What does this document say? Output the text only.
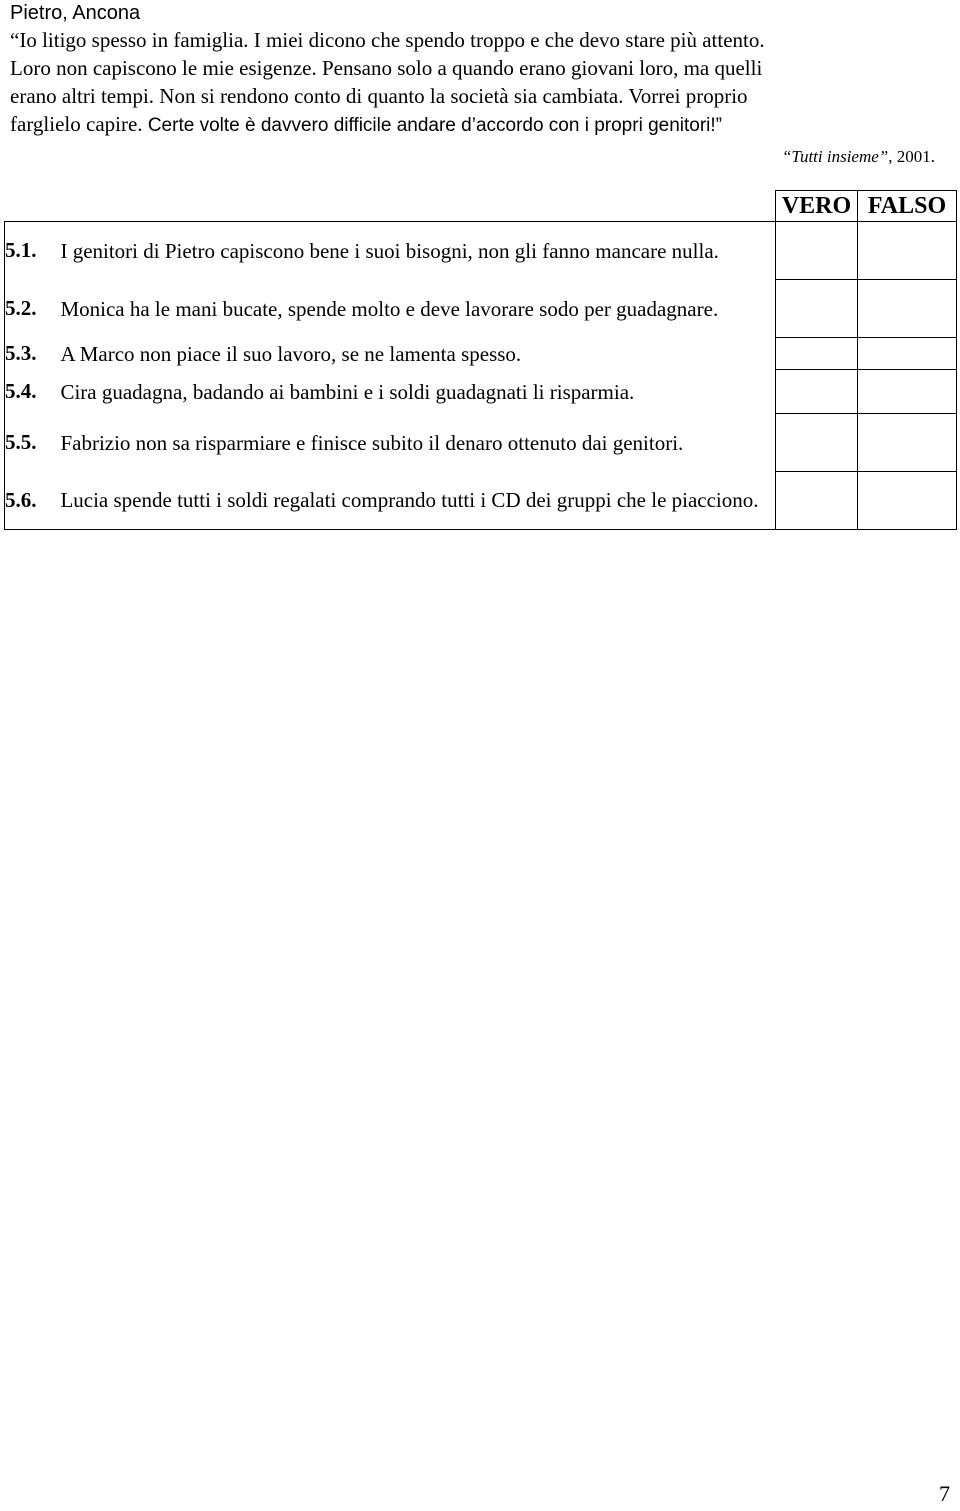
Pietro, Ancona

“Io litigo spesso in famiglia. I miei dicono che spendo troppo e che devo stare più attento.
Loro non capiscono le mie esigenze. Pensano solo a quando erano giovani loro, ma quelli
erano altri tempi. Non si rendono conto di quanto la società sia cambiata. Vorrei proprio
farglielo capire. Certe volte è davvero difficile andare d’accordo con i propri genitori!”

“Tutti insieme”, 2001.
		VERO	FALSO
5.1.	I genitori di Pietro capiscono bene i suoi bisogni, non gli fanno mancare nulla.		
5.2.	Monica ha le mani bucate, spende molto e deve lavorare sodo per guadagnare.		
5.3.	A Marco non piace il suo lavoro, se ne lamenta spesso.		
5.4.	Cira guadagna, badando ai bambini e i soldi guadagnati li risparmia.		
5.5.	Fabrizio non sa risparmiare e finisce subito il denaro ottenuto dai genitori.		
5.6.	Lucia spende tutti i soldi regalati comprando tutti i CD dei gruppi che le piacciono.		
7
